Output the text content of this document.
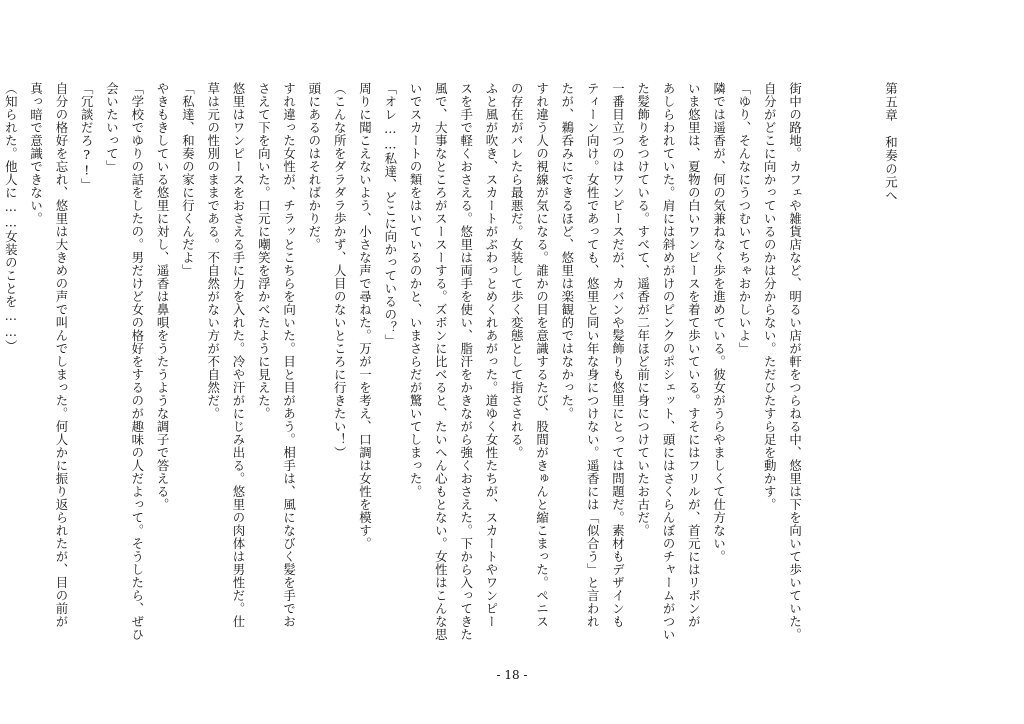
第五章　和奏の元へ

街中の路地。カフェや雑貨店など、明るい店が軒をつらねる中、悠里は下を向いて歩いていた。
自分がどこに向かっているのかは分からない。ただひたすら足を動かす。
「ゆり、そんなにうつむいてちゃおかしいよ」
隣では遥香が、何の気兼ねなく歩を進めている。彼女がうらやましくて仕方ない。
いま悠里は、夏物の白いワンピースを着て歩いている。すそにはフリルが、首元にはリボンが
あしらわれていた。肩には斜めがけのピンクのポシェット、頭にはさくらんぼのチャームがつい
た髪飾りをつけている。すべて、遥香が二年ほど前に身につけていたお古だ。
一番目立つのはワンピースだが、カバンや髪飾りも悠里にとっては問題だ。素材もデザインも
ティーン向け。女性であっても、悠里と同い年な身につけない。遥香には「似合う」と言われ
たが、鵜呑みにできるほど、悠里は楽観的ではなかった。
すれ違う人の視線が気になる。誰かの目を意識するたび、股間がきゅんと縮こまった。ペニス
の存在がバレたら最悪だ。女装して歩く変態として指さされる。
ふと風が吹き、スカートがぶわっとめくれあがった。道ゆく女性たちが、スカートやワンピー
スを手で軽くおさえる。悠里は両手を使い、脂汗をかきながら強くおさえた。下から入ってきた
風で、大事なところがスースーする。ズボンに比べると、たいへん心もとない。女性はこんな思
いでスカートの類をはいているのかと、いまさらだが驚いてしまった。
「オレ……私達、どこに向かっているの？」
周りに聞こえないよう、小さな声で尋ねた。万が一を考え、口調は女性を模す。
（こんな所をダラダラ歩かず、人目のないところに行きたい！）
頭にあるのはそればかりだ。
すれ違った女性が、チラッとこちらを向いた。目と目があう。相手は、風になびく髪を手でお
さえて下を向いた。口元に嘲笑を浮かべたように見えた。
悠里はワンピースをおさえる手に力を入れた。冷や汗がにじみ出る。悠里の肉体は男性だ。仕
草は元の性別のままである。不自然がない方が不自然だ。
「私達、和奏の家に行くんだよ」
やきもきしている悠里に対し、遥香は鼻唄をうたうような調子で答える。
「学校でゆりの話をしたの。男だけど女の格好をするのが趣味の人だよって。そうしたら、ぜひ
会いたいって」
「冗談だろ?!」
自分の格好を忘れ、悠里は大きめの声で叫んでしまった。何人かに振り返られたが、目の前が
真っ暗で意識できない。
（知られた。他人に……女装のことを……）
- 18 -
